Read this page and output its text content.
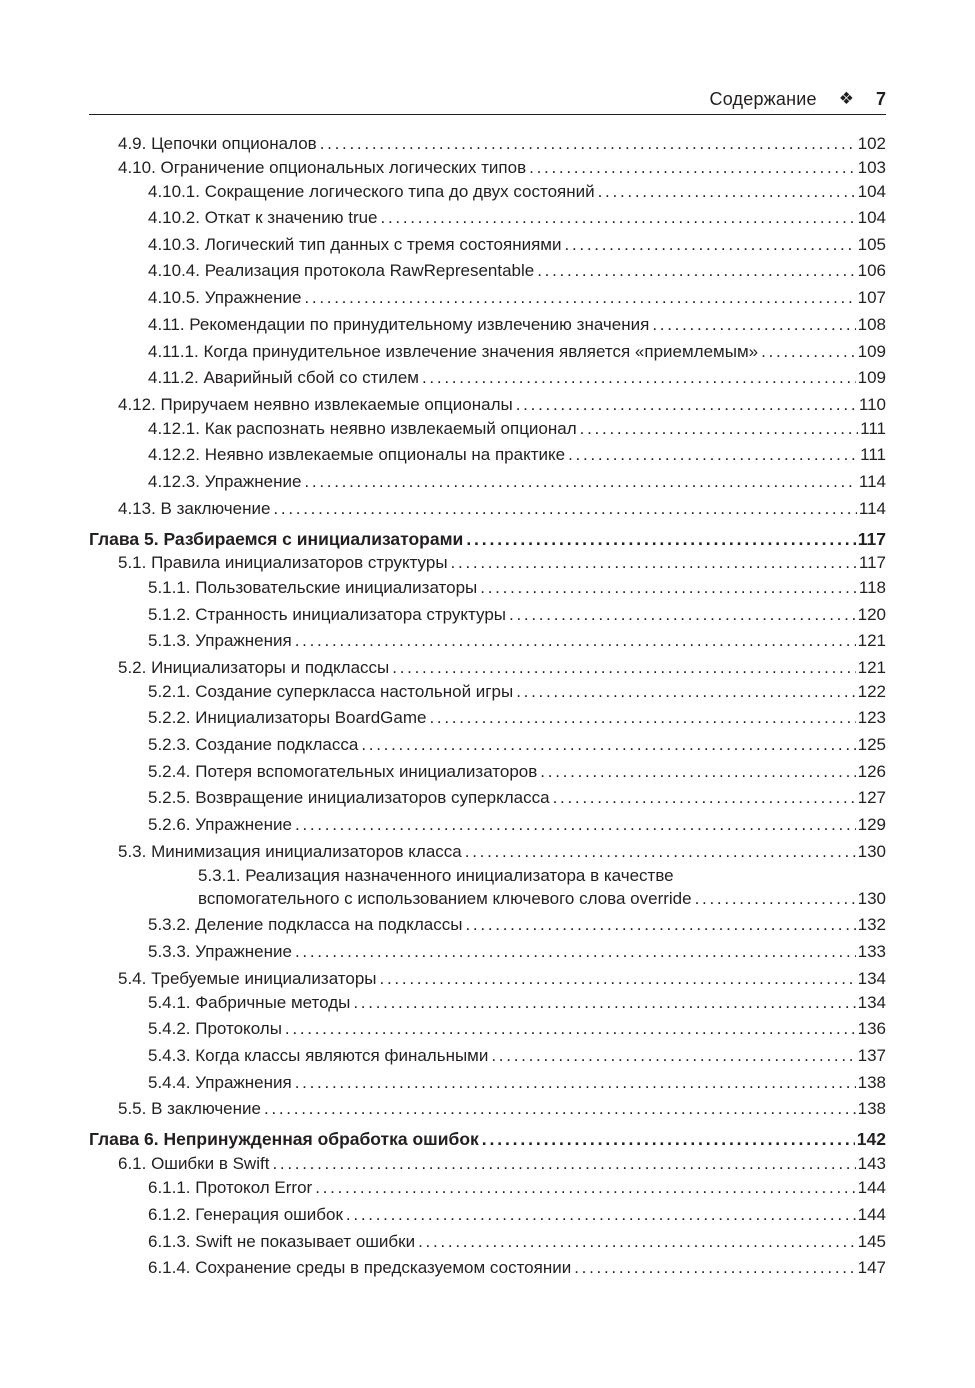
Содержание ❖ 7
4.9. Цепочки опционалов . . .	102
4.10. Ограничение опциональных логических типов . . .	103
4.10.1. Сокращение логического типа до двух состояний . . .	104
4.10.2. Откат к значению true . . .	104
4.10.3. Логический тип данных с тремя состояниями . . .	105
4.10.4. Реализация протокола RawRepresentable . . .	106
4.10.5. Упражнение . . .	107
4.11. Рекомендации по принудительному извлечению значения . . .	108
4.11.1. Когда принудительное извлечение значения является «приемлемым» . . .	109
4.11.2. Аварийный сбой со стилем . . .	109
4.12. Приручаем неявно извлекаемые опционалы . . .	110
4.12.1. Как распознать неявно извлекаемый опционал . . .	111
4.12.2. Неявно извлекаемые опционалы на практике . . .	111
4.12.3. Упражнение . . .	114
4.13. В заключение . . .	114
Глава 5. Разбираемся с инициализаторами . . .	117
5.1. Правила инициализаторов структуры . . .	117
5.1.1. Пользовательские инициализаторы . . .	118
5.1.2. Странность инициализатора структуры . . .	120
5.1.3. Упражнения . . .	121
5.2. Инициализаторы и подклассы . . .	121
5.2.1. Создание суперкласса настольной игры . . .	122
5.2.2. Инициализаторы BoardGame . . .	123
5.2.3. Создание подкласса . . .	125
5.2.4. Потеря вспомогательных инициализаторов . . .	126
5.2.5. Возвращение инициализаторов суперкласса . . .	127
5.2.6. Упражнение . . .	129
5.3. Минимизация инициализаторов класса . . .	130
5.3.1. Реализация назначенного инициализатора в качестве
вспомогательного с использованием ключевого слова override . . .	130
5.3.2. Деление подкласса на подклассы . . .	132
5.3.3. Упражнение . . .	133
5.4. Требуемые инициализаторы . . .	134
5.4.1. Фабричные методы . . .	134
5.4.2. Протоколы . . .	136
5.4.3. Когда классы являются финальными . . .	137
5.4.4. Упражнения . . .	138
5.5. В заключение . . .	138
Глава 6. Непринужденная обработка ошибок . . .	142
6.1. Ошибки в Swift . . .	143
6.1.1. Протокол Error . . .	144
6.1.2. Генерация ошибок . . .	144
6.1.3. Swift не показывает ошибки . . .	145
6.1.4. Сохранение среды в предсказуемом состоянии . . .	147
